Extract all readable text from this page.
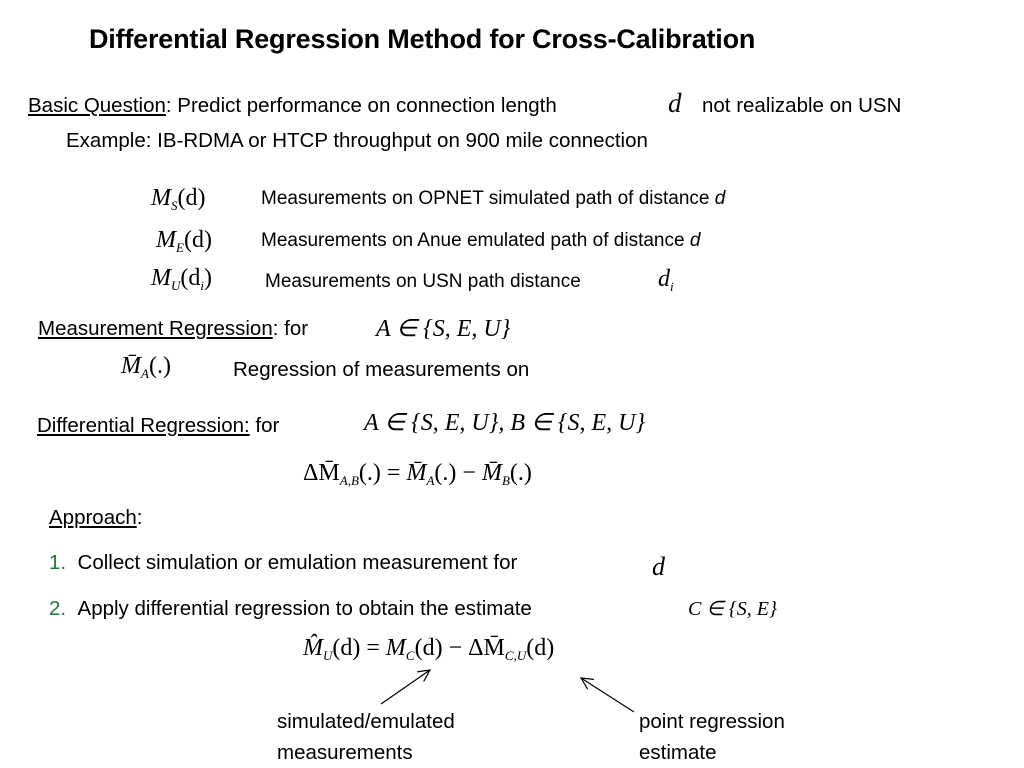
Differential Regression Method for Cross-Calibration
Basic Question: Predict performance on connection length	d not realizable on USN
Example: IB-RDMA or HTCP throughput on 900 mile connection
$M_S(d)$	Measurements on OPNET simulated path of distance d
$M_E(d)$	Measurements on Anue emulated path of distance d
$M_U(d_i)$	Measurements on USN path distance	$d_i$
Measurement Regression: for	A ∈ {S, E, U}
$M̄_A(.)$	Regression of measurements on
Differential Regression: for	A ∈ {S, E, U}, B ∈ {S, E, U}
$\Delta M̄_{A,B}(.)$ = $M̄_A(.)$ − $M̄_B(.)$
Approach:
1. Collect simulation or emulation measurement for	d
2. Apply differential regression to obtain the estimate	C ∈ {S, E}
$M̂_U(d) = M_C(d)$ − $\Delta M̄_{C,U}(d)$
simulated/emulated
measurements
point regression
estimate
